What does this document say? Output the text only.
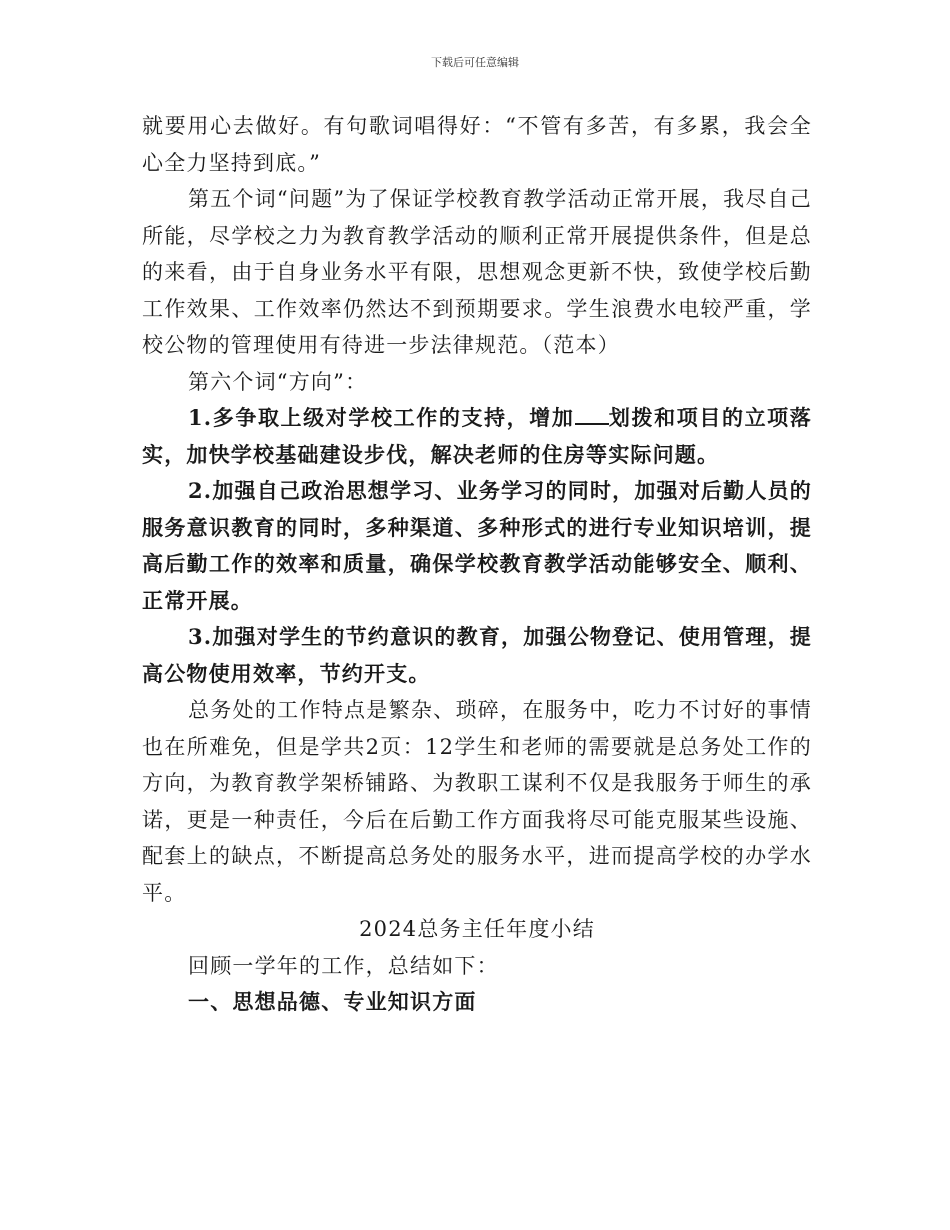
下载后可任意编辑

就要用心去做好。有句歌词唱得好：“不管有多苦，有多累，我会全心全力坚持到底。”

第五个词“问题”为了保证学校教育教学活动正常开展，我尽自己所能，尽学校之力为教育教学活动的顺利正常开展提供条件，但是总的来看，由于自身业务水平有限，思想观念更新不快，致使学校后勤工作效果、工作效率仍然达不到预期要求。学生浪费水电较严重，学校公物的管理使用有待进一步法律规范。（范本）

第六个词“方向”：

1.多争取上级对学校工作的支持，增加 划拨和项目的立项落实，加快学校基础建设步伐，解决老师的住房等实际问题。

2.加强自己政治思想学习、业务学习的同时，加强对后勤人员的服务意识教育的同时，多种渠道、多种形式的进行专业知识培训，提高后勤工作的效率和质量，确保学校教育教学活动能够安全、顺利、正常开展。

3.加强对学生的节约意识的教育，加强公物登记、使用管理，提高公物使用效率，节约开支。

总务处的工作特点是繁杂、琐碎，在服务中，吃力不讨好的事情也在所难免，但是学共2页：12学生和老师的需要就是总务处工作的方向，为教育教学架桥铺路、为教职工谋利不仅是我服务于师生的承诺，更是一种责任，今后在后勤工作方面我将尽可能克服某些设施、配套上的缺点，不断提高总务处的服务水平，进而提高学校的办学水平。

2024总务主任年度小结

回顾一学年的工作，总结如下：

一、思想品德、专业知识方面
